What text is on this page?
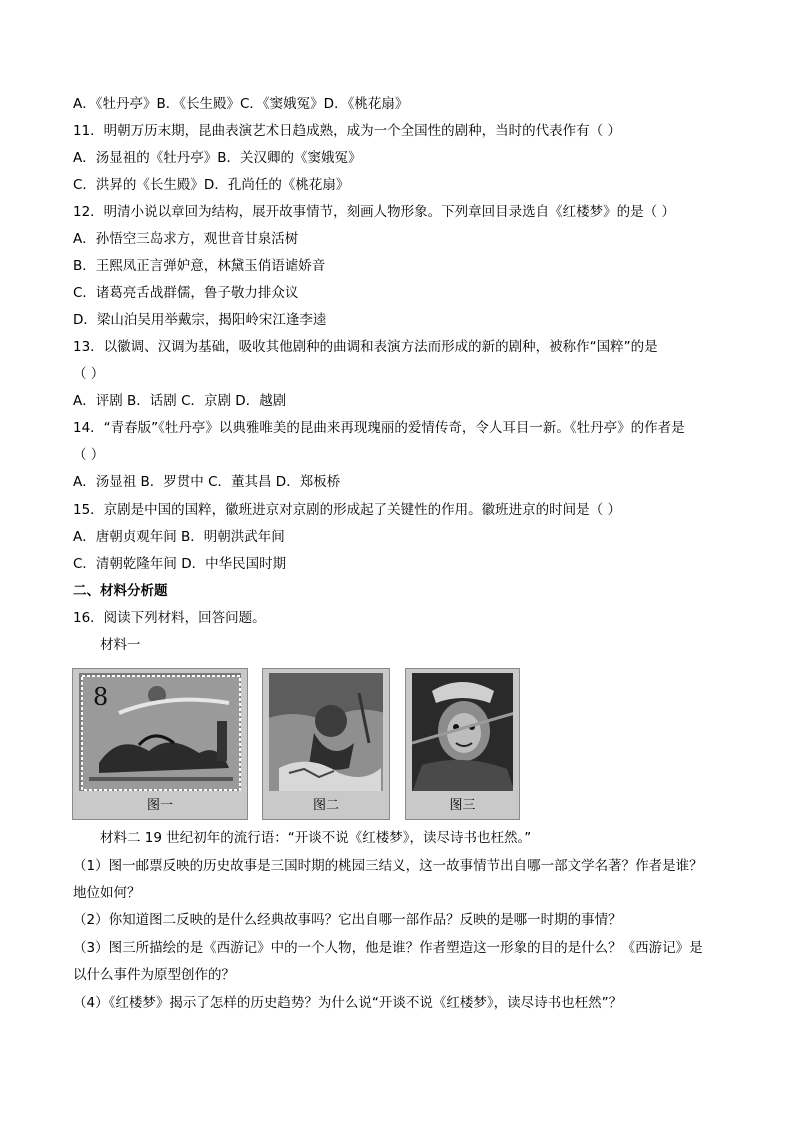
A．《牡丹亭》B．《长生殿》C．《窦娥冤》D．《桃花扇》
11．明朝万历末期，昆曲表演艺术日趋成熟，成为一个全国性的剧种，当时的代表作有（ ）
A．汤显祖的《牡丹亭》B．关汉卿的《窦娥冤》
C．洪昇的《长生殿》D．孔尚任的《桃花扇》
12．明清小说以章回为结构，展开故事情节，刻画人物形象。下列章回目录选自《红楼梦》的是（ ）
A．孙悟空三岛求方，观世音甘泉活树
B．王熙凤正言弹妒意，林黛玉俏语谑娇音
C．诸葛亮舌战群儒，鲁子敬力排众议
D．梁山泊吴用举戴宗，揭阳岭宋江逢李逵
13．以徽调、汉调为基础，吸收其他剧种的曲调和表演方法而形成的新的剧种，被称作“国粹”的是
（ ）
A．评剧 B．话剧 C．京剧 D．越剧
14．“青春版”《牡丹亭》以典雅唯美的昆曲来再现瑰丽的爱情传奇，令人耳目一新。《牡丹亭》的作者是
（ ）
A．汤显祖 B．罗贯中 C．董其昌 D．郑板桥
15．京剧是中国的国粹，徽班进京对京剧的形成起了关键性的作用。徽班进京的时间是（ ）
A．唐朝贞观年间 B．明朝洪武年间
C．清朝乾隆年间 D．中华民国时期
二、材料分析题
16．阅读下列材料，回答问题。
材料一
8
图一	图二	图三
材料二 19 世纪初年的流行语：“开谈不说《红楼梦》，读尽诗书也枉然。”
（1）图一邮票反映的历史故事是三国时期的桃园三结义，这一故事情节出自哪一部文学名著？作者是谁？
地位如何？
（2）你知道图二反映的是什么经典故事吗？它出自哪一部作品？反映的是哪一时期的事情？
（3）图三所描绘的是《西游记》中的一个人物，他是谁？作者塑造这一形象的目的是什么？《西游记》是
以什么事件为原型创作的？
（4）《红楼梦》揭示了怎样的历史趋势？为什么说“开谈不说《红楼梦》，读尽诗书也枉然”？
